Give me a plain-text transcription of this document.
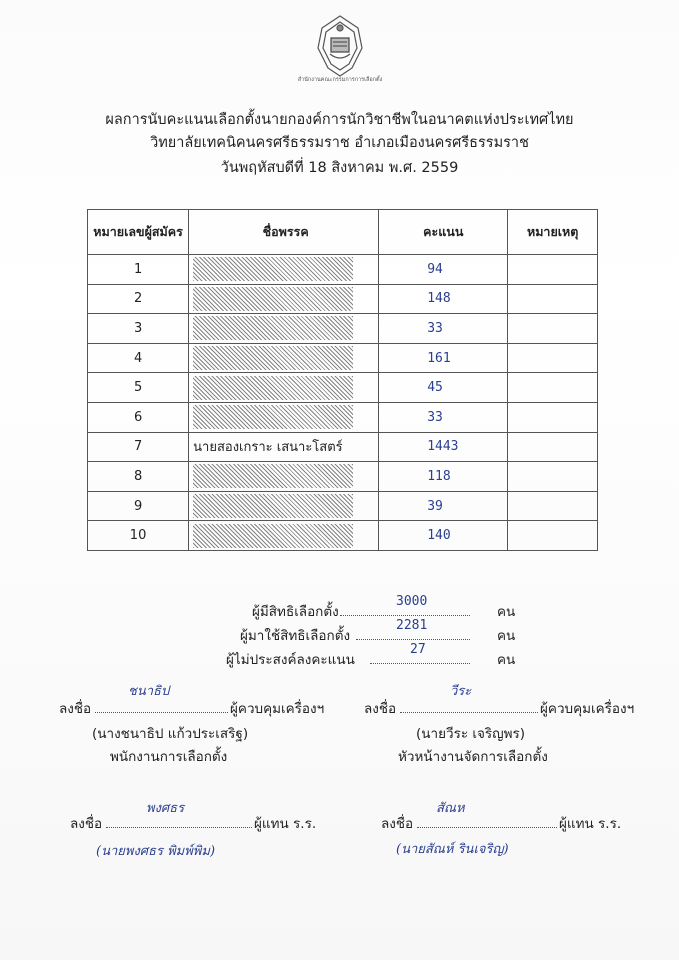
สำนักงานคณะกรรมการการเลือกตั้ง
ผลการนับคะแนนเลือกตั้งนายกองค์การนักวิชาชีพในอนาคตแห่งประเทศไทย
วิทยาลัยเทคนิคนครศรีธรรมราช อำเภอเมืองนครศรีธรรมราช
วันพฤหัสบดีที่ 18 สิงหาคม พ.ศ. 2559
หมายเลขผู้สมัคร	ชื่อพรรค	คะแนน	หมายเหตุ
1		94	
2		148	
3		33	
4		161	
5		45	
6		33	
7	นายสองเกราะ เสนาะโสตร์	1443	
8		118	
9		39	
10		140	
ผู้มีสิทธิเลือกตั้ง
3000
คน
ผู้มาใช้สิทธิเลือกตั้ง
2281
คน
ผู้ไม่ประสงค์ลงคะแนน
27
คน
ลงชื่อ
ชนาธิป
ผู้ควบคุมเครื่องฯ
(นางชนาธิป แก้วประเสริฐ)
พนักงานการเลือกตั้ง
ลงชื่อ
วีระ
ผู้ควบคุมเครื่องฯ
(นายวีระ เจริญพร)
หัวหน้างานจัดการเลือกตั้ง
ลงชื่อ
พงศธร
ผู้แทน ร.ร.
(นายพงศธร พิมพ์พิม)
ลงชื่อ
สัณห
ผู้แทน ร.ร.
(นายสัณห์ รินเจริญ)
